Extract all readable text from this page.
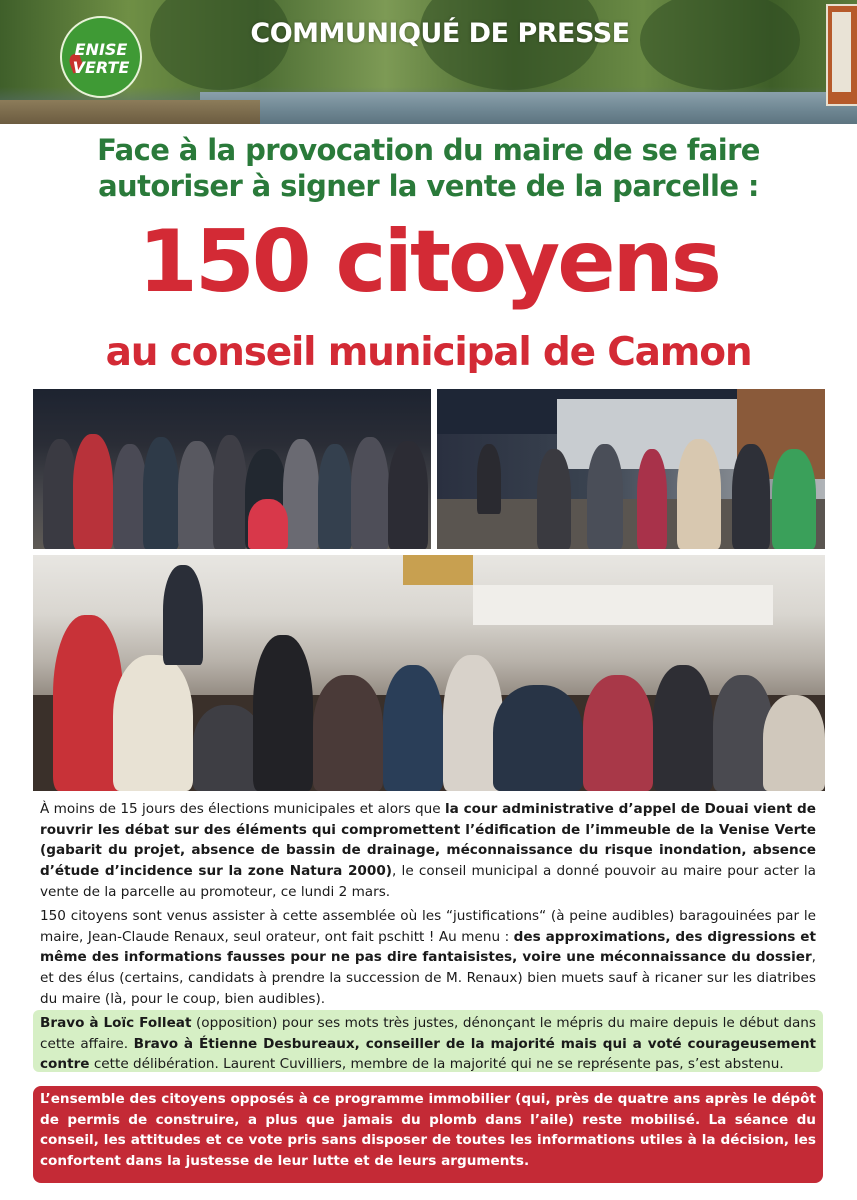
ENISE
VERTE
COMMUNIQUÉ DE PRESSE
Face à la provocation du maire de se faire
autoriser à signer la vente de la parcelle :
150 citoyens
au conseil municipal de Camon
À moins de 15 jours des élections municipales et alors que la cour administrative d’appel de Douai vient de rouvrir les débat sur des éléments qui compromettent l’édification de l’immeuble de la Venise Verte (gabarit du projet, absence de bassin de drainage, méconnaissance du risque inondation, absence d’étude d’incidence sur la zone Natura 2000), le conseil municipal a donné pouvoir au maire pour acter la vente de la parcelle au promoteur, ce lundi 2 mars.
150 citoyens sont venus assister à cette assemblée où les “justifications“ (à peine audibles) baragouinées par le maire, Jean-Claude Renaux, seul orateur, ont fait pschitt ! Au menu : des approximations, des digressions et même des informations fausses pour ne pas dire fantaisistes, voire une méconnaissance du dossier, et des élus (certains, candidats à prendre la succession de M. Renaux) bien muets sauf à ricaner sur les diatribes du maire (là, pour le coup, bien audibles).
Bravo à Loïc Folleat (opposition) pour ses mots très justes, dénonçant le mépris du maire depuis le début dans cette affaire. Bravo à Étienne Desbureaux, conseiller de la majorité mais qui a voté courageusement contre cette délibération. Laurent Cuvilliers, membre de la majorité qui ne se représente pas, s’est abstenu.
L’ensemble des citoyens opposés à ce programme immobilier (qui, près de quatre ans après le dépôt de permis de construire, a plus que jamais du plomb dans l’aile) reste mobilisé. La séance du conseil, les attitudes et ce vote pris sans disposer de toutes les informations utiles à la décision, les confortent dans la justesse de leur lutte et de leurs arguments.
